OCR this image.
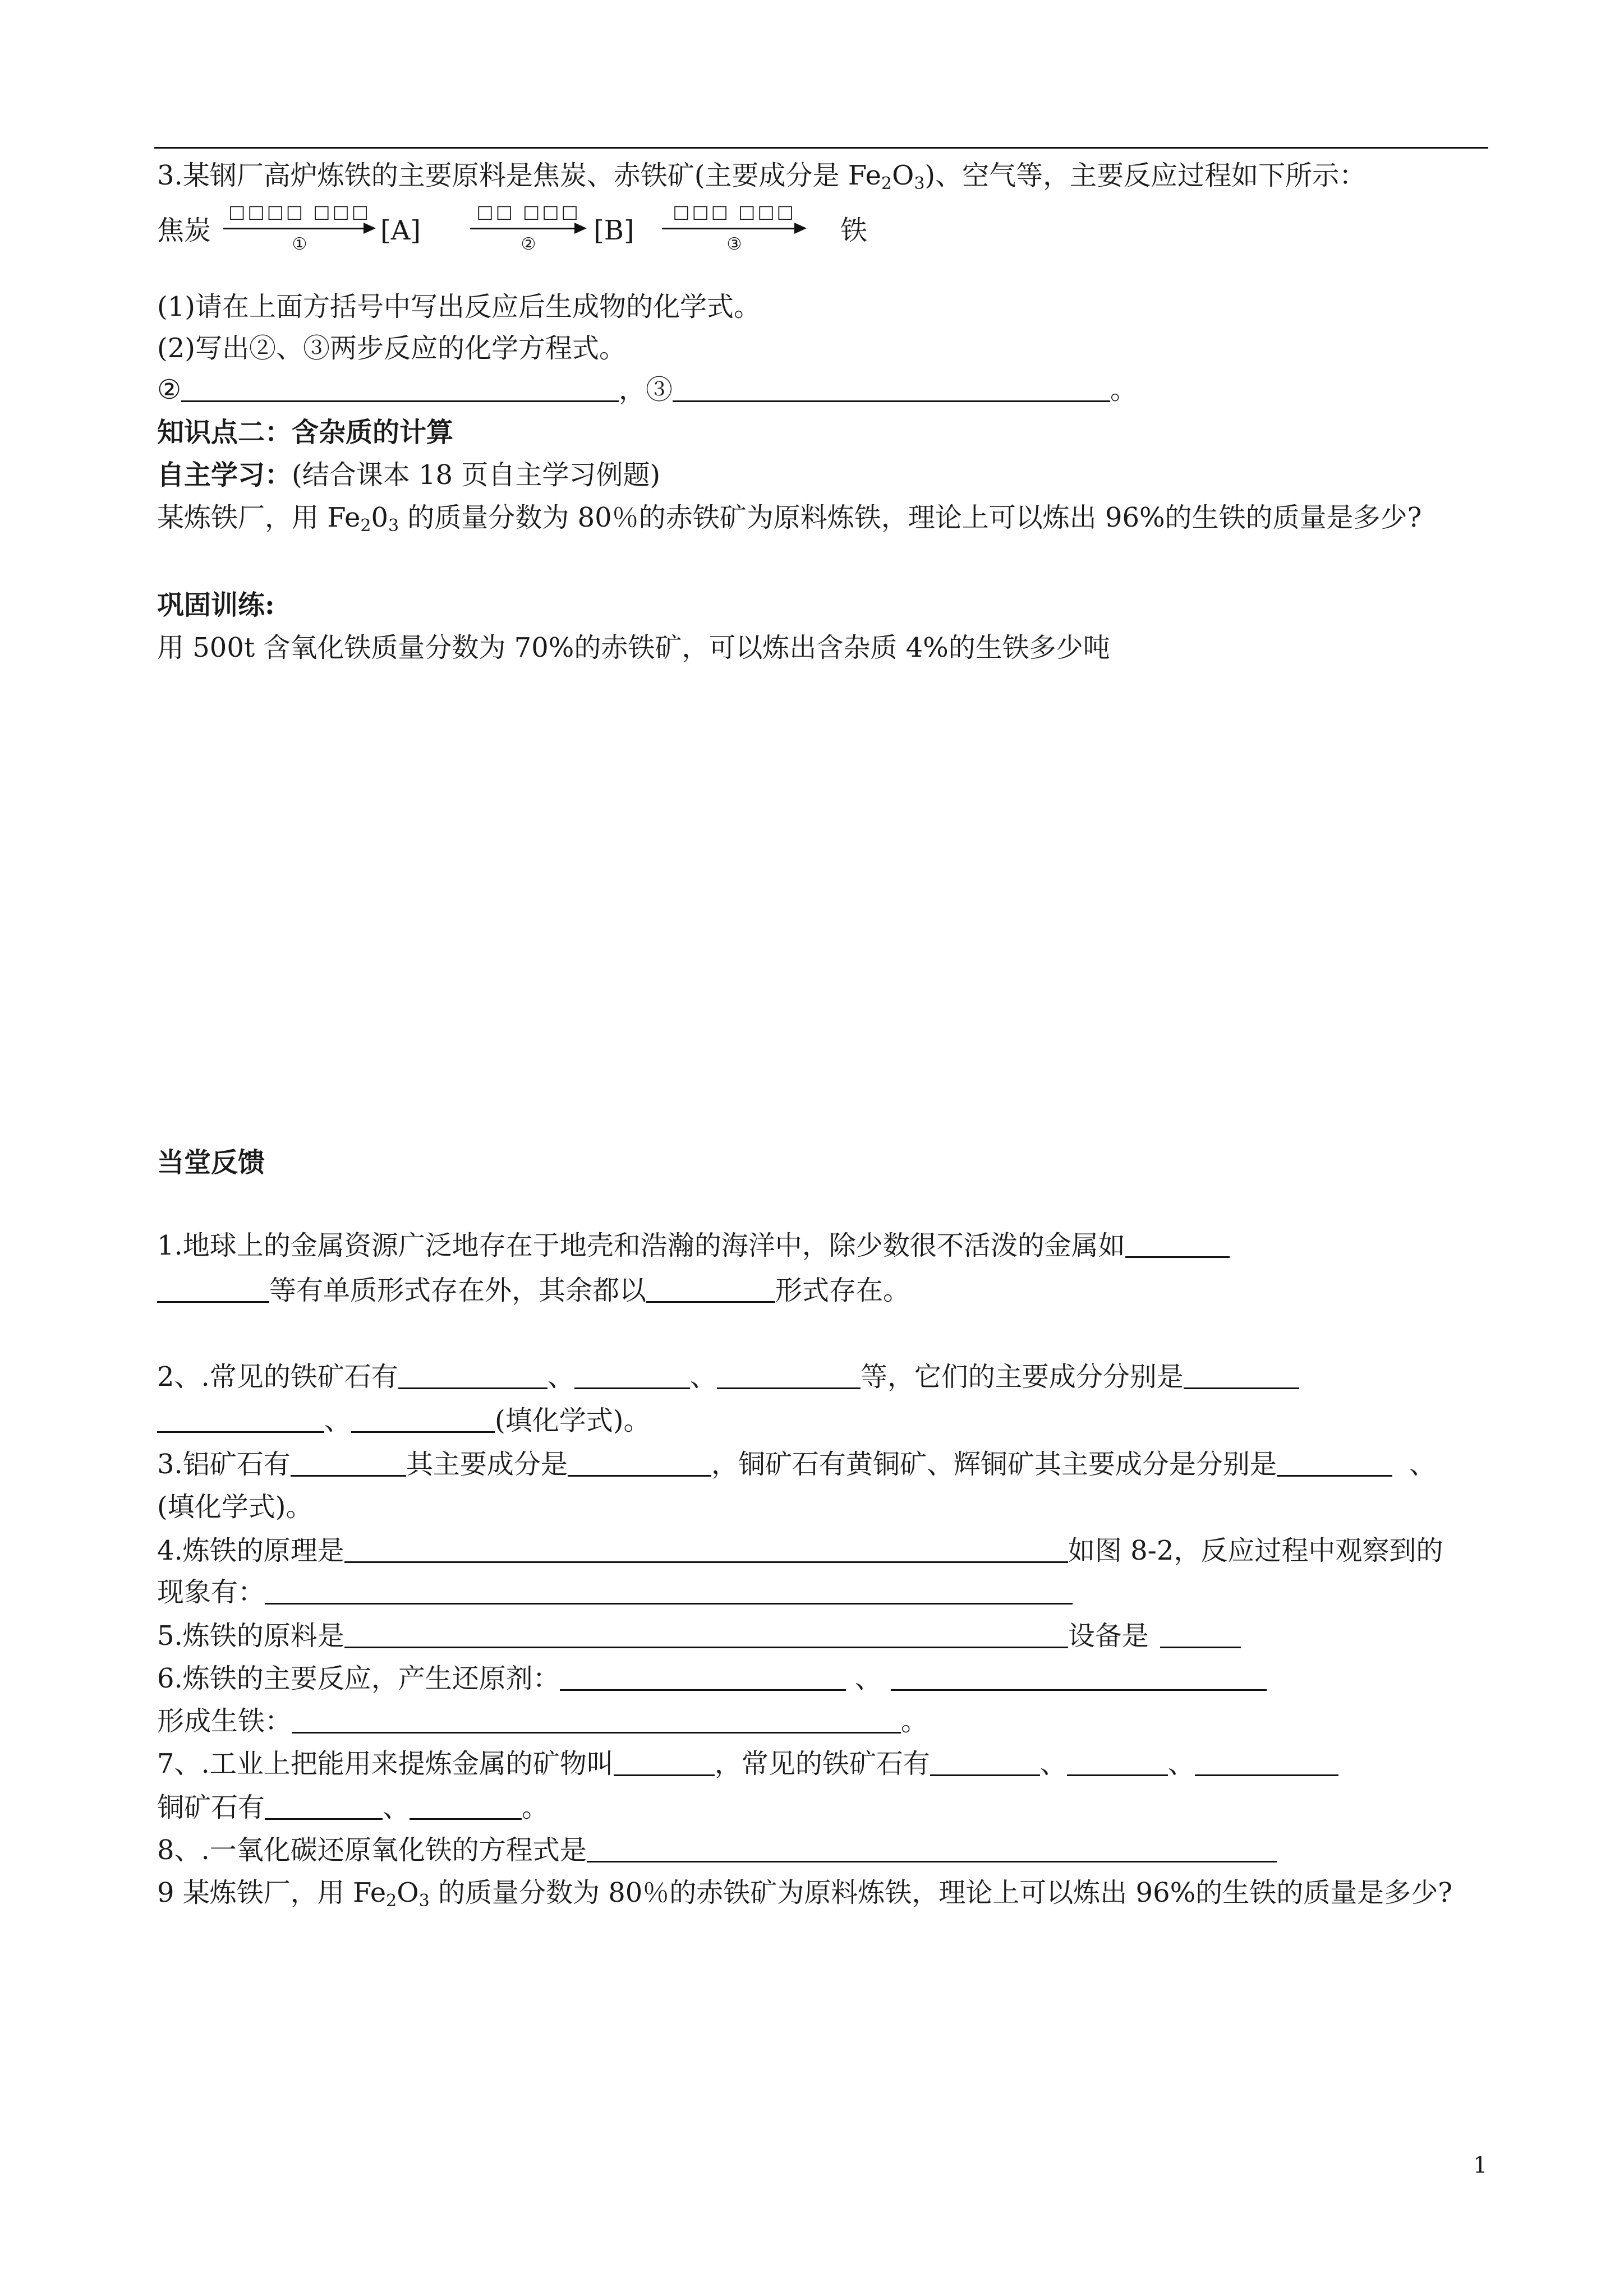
3.某钢厂高炉炼铁的主要原料是焦炭、赤铁矿(主要成分是 $Fe_2O_3$)、空气等，主要反应过程如下所示：
焦炭
□□□□ □□□
①	[A]
□□ □□□
②	[B]
□□□ □□□
③	铁
(1)请在上面方括号中写出反应后生成物的化学式。
(2)写出②、③两步反应的化学方程式。
②	，③	。
知识点二：含杂质的计算
自主学习：(结合课本 18 页自主学习例题)
某炼铁厂，用 $Fe_20_3$ 的质量分数为 80％的赤铁矿为原料炼铁，理论上可以炼出 96%的生铁的质量是多少?
巩固训练:
用 500t 含氧化铁质量分数为 70%的赤铁矿，可以炼出含杂质 4%的生铁多少吨
当堂反馈
1.地球上的金属资源广泛地存在于地壳和浩瀚的海洋中，除少数很不活泼的金属如
等有单质形式存在外，其余都以	形式存在。
2、.常见的铁矿石有	、	、	等，它们的主要成分分别是
、	(填化学式)。
3.铝矿石有	其主要成分是	，铜矿石有黄铜矿、辉铜矿其主要成分是分别是	、
(填化学式)。
4.炼铁的原理是	如图 8-2，反应过程中观察到的
现象有：
5.炼铁的原料是	设备是
6.炼铁的主要反应，产生还原剂：	、
形成生铁：	。
7、.工业上把能用来提炼金属的矿物叫	，常见的铁矿石有	、	、
铜矿石有	、	。
8、.一氧化碳还原氧化铁的方程式是
9 某炼铁厂，用 $Fe_2O_3$ 的质量分数为 80％的赤铁矿为原料炼铁，理论上可以炼出 96%的生铁的质量是多少?
1
